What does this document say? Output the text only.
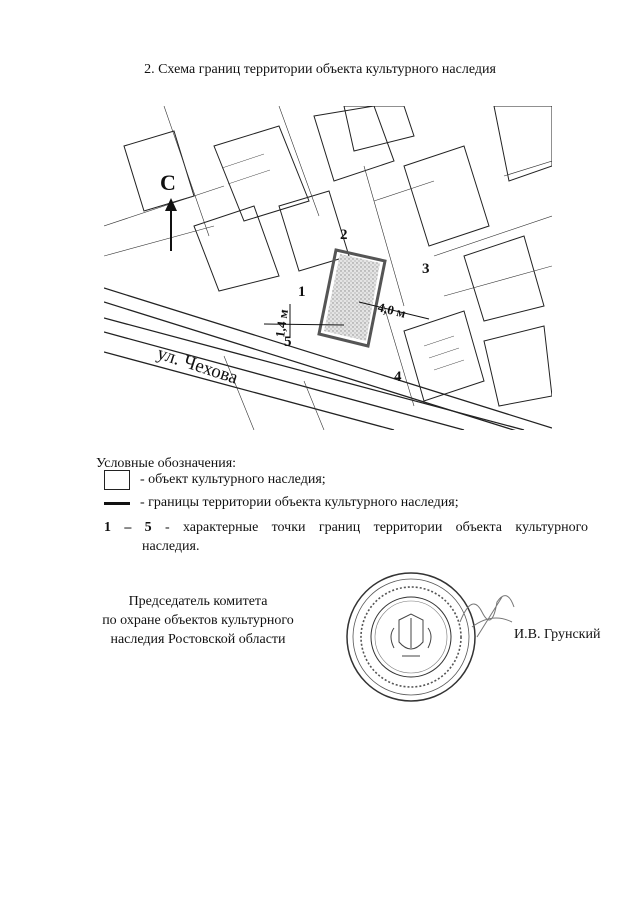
2. Схема границ территории объекта культурного наследия
С
ул. Чехова
4,0 м
1,4 м
1
2
3
4
5
Условные обозначения:
- объект культурного наследия;
- границы территории объекта культурного наследия;
1 – 5 - характерные точки границ территории объекта культурного
наследия.
Председатель комитета
по охране объектов культурного
наследия Ростовской области	И.В. Грунский
